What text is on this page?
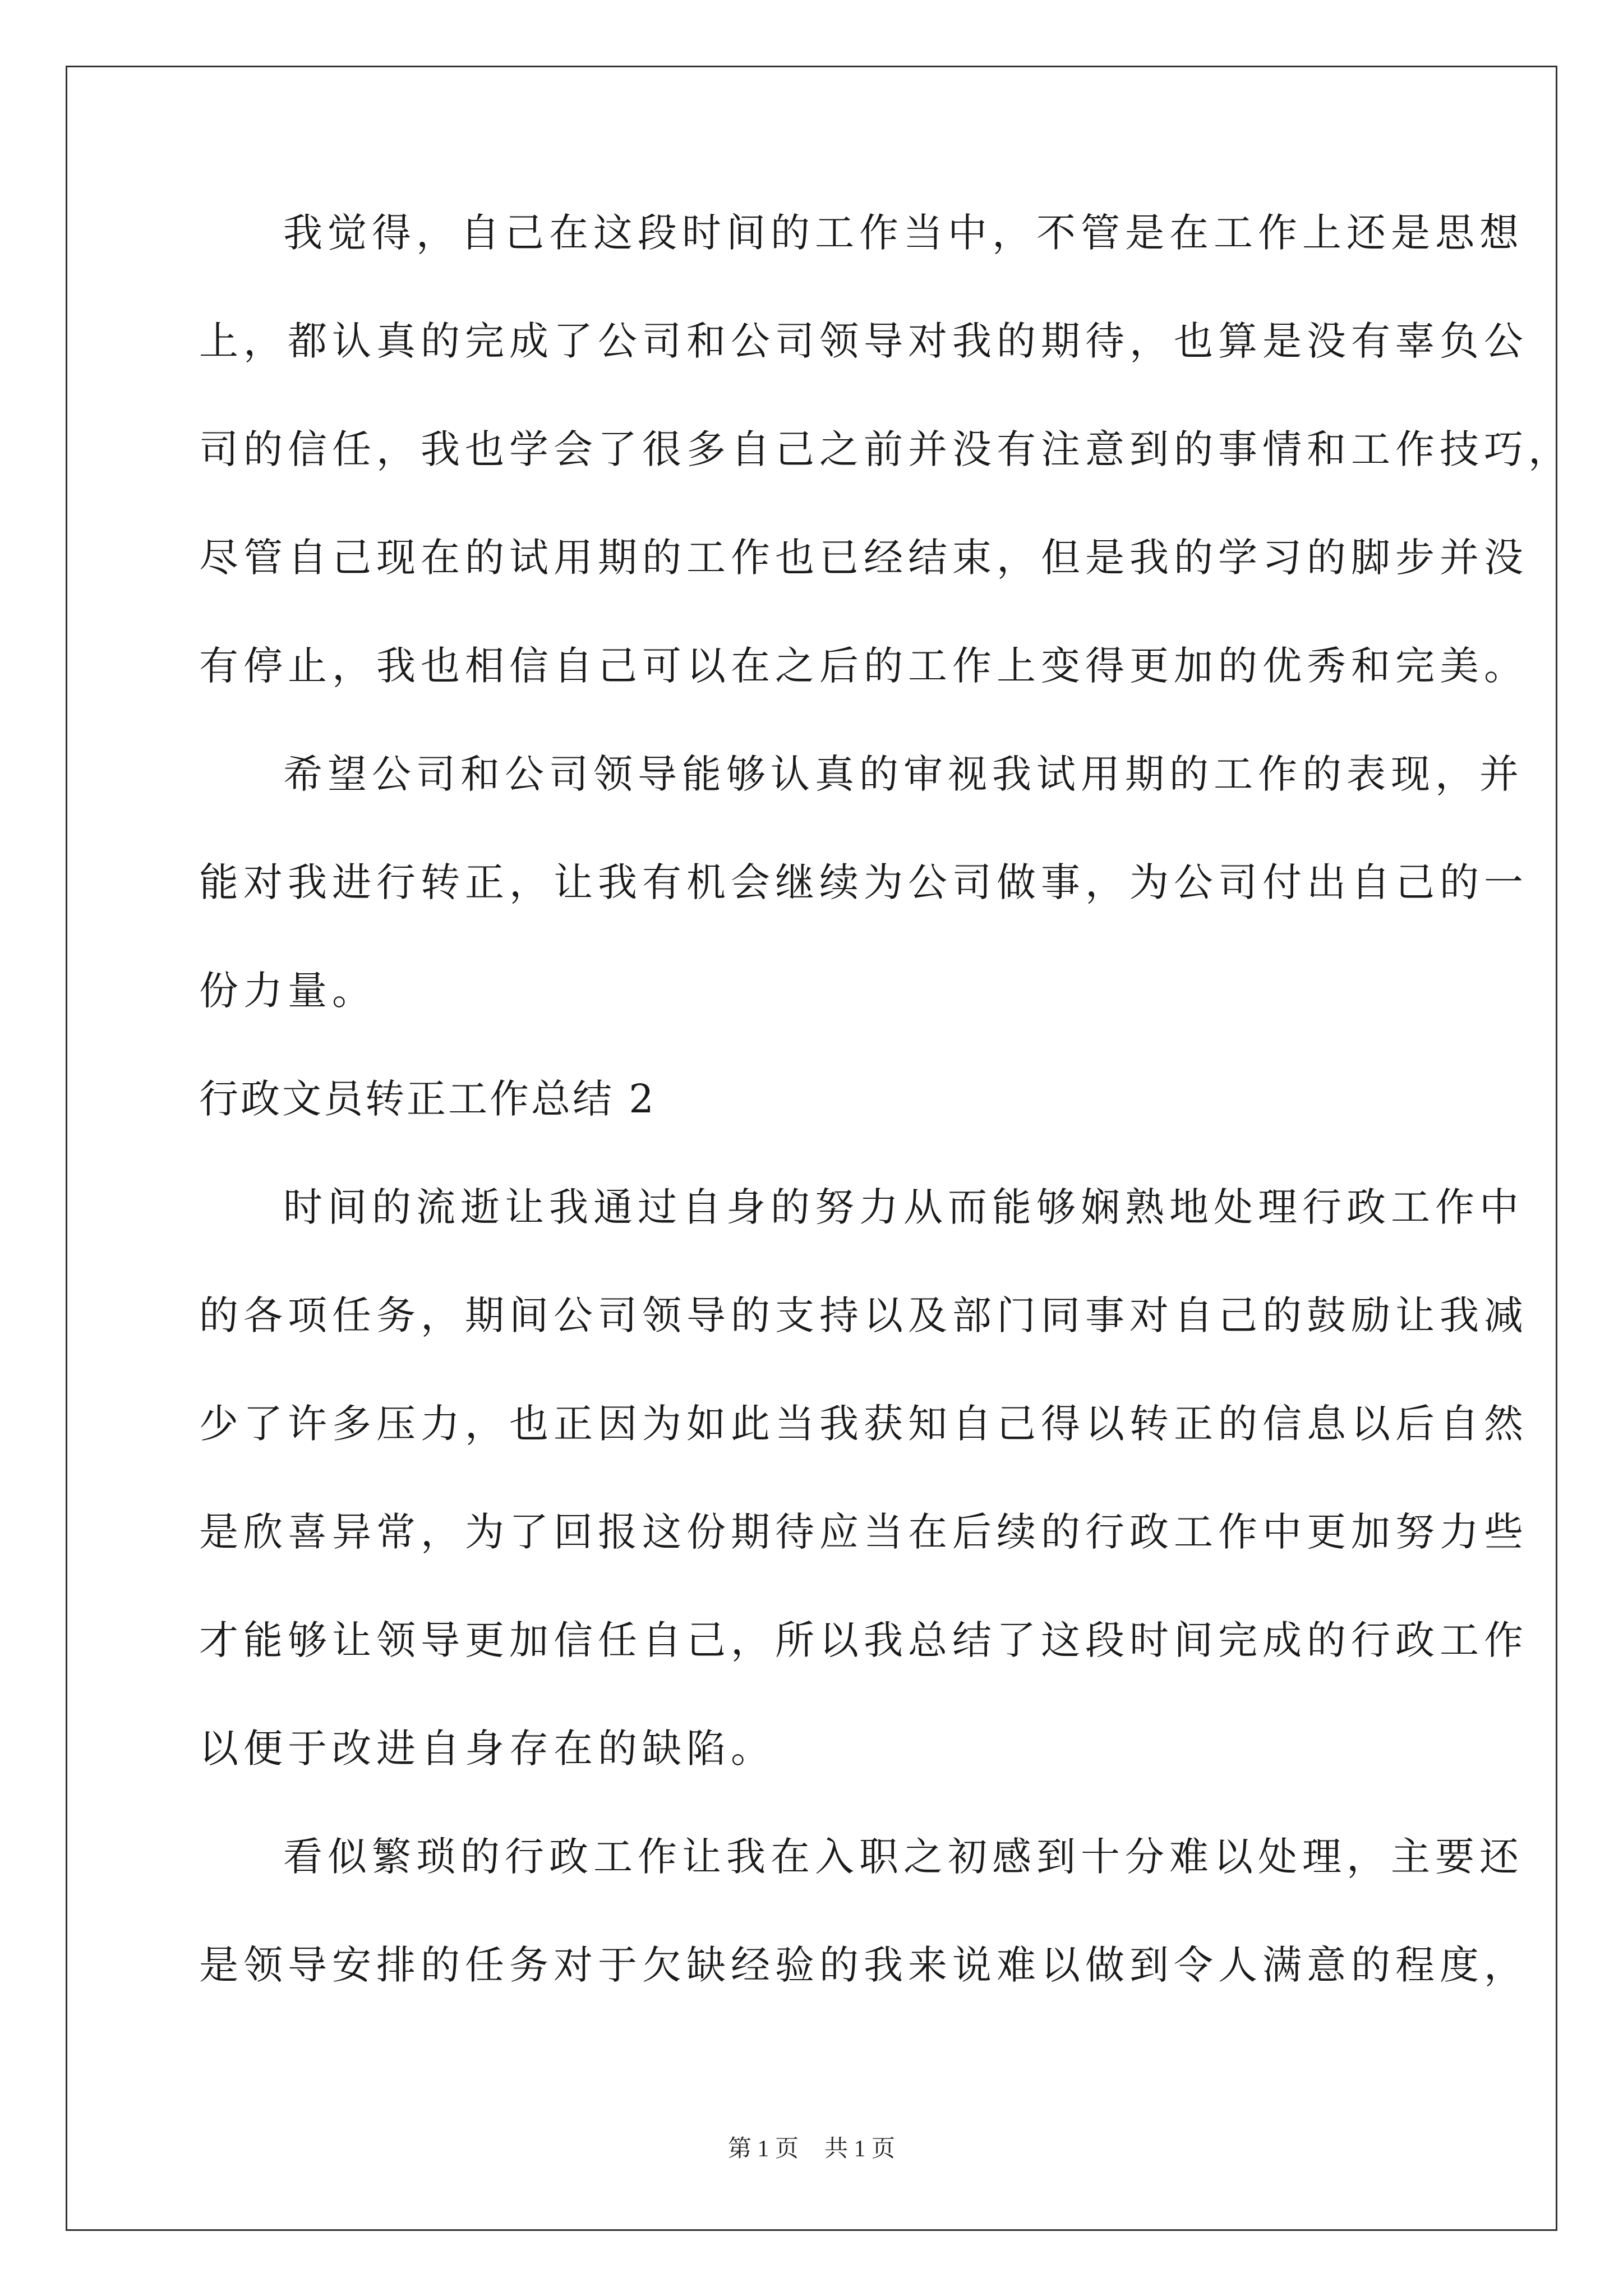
我觉得，自己在这段时间的工作当中，不管是在工作上还是思想
上，都认真的完成了公司和公司领导对我的期待，也算是没有辜负公
司的信任，我也学会了很多自己之前并没有注意到的事情和工作技巧，
尽管自己现在的试用期的工作也已经结束，但是我的学习的脚步并没
有停止，我也相信自己可以在之后的工作上变得更加的优秀和完美。
希望公司和公司领导能够认真的审视我试用期的工作的表现，并
能对我进行转正，让我有机会继续为公司做事，为公司付出自己的一
份力量。
行政文员转正工作总结 2
时间的流逝让我通过自身的努力从而能够娴熟地处理行政工作中
的各项任务，期间公司领导的支持以及部门同事对自己的鼓励让我减
少了许多压力，也正因为如此当我获知自己得以转正的信息以后自然
是欣喜异常，为了回报这份期待应当在后续的行政工作中更加努力些
才能够让领导更加信任自己，所以我总结了这段时间完成的行政工作
以便于改进自身存在的缺陷。
看似繁琐的行政工作让我在入职之初感到十分难以处理，主要还
是领导安排的任务对于欠缺经验的我来说难以做到令人满意的程度，
第 1 页 共 1 页
